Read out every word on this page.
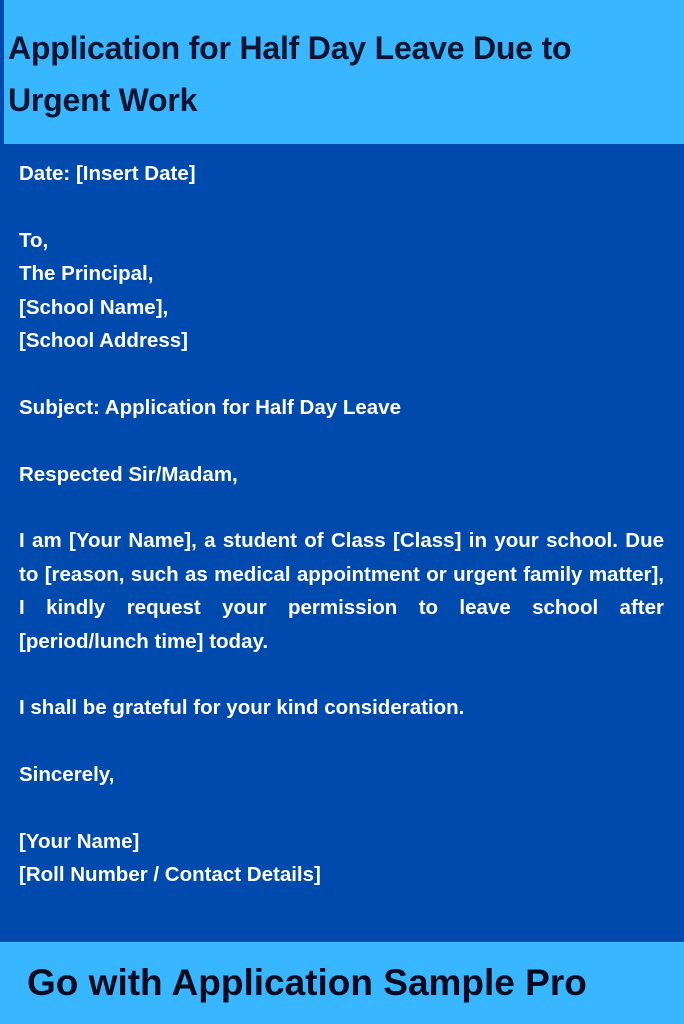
Application for Half Day Leave Due to Urgent Work

Date: [Insert Date]

To,

The Principal,

[School Name],

[School Address]

Subject: Application for Half Day Leave

Respected Sir/Madam,

I am [Your Name], a student of Class [Class] in your school. Due to [reason, such as medical appointment or urgent family matter], I kindly request your permission to leave school after [period/lunch time] today.

I shall be grateful for your kind consideration.

Sincerely,

[Your Name]

[Roll Number / Contact Details]

Go with Application Sample Pro
